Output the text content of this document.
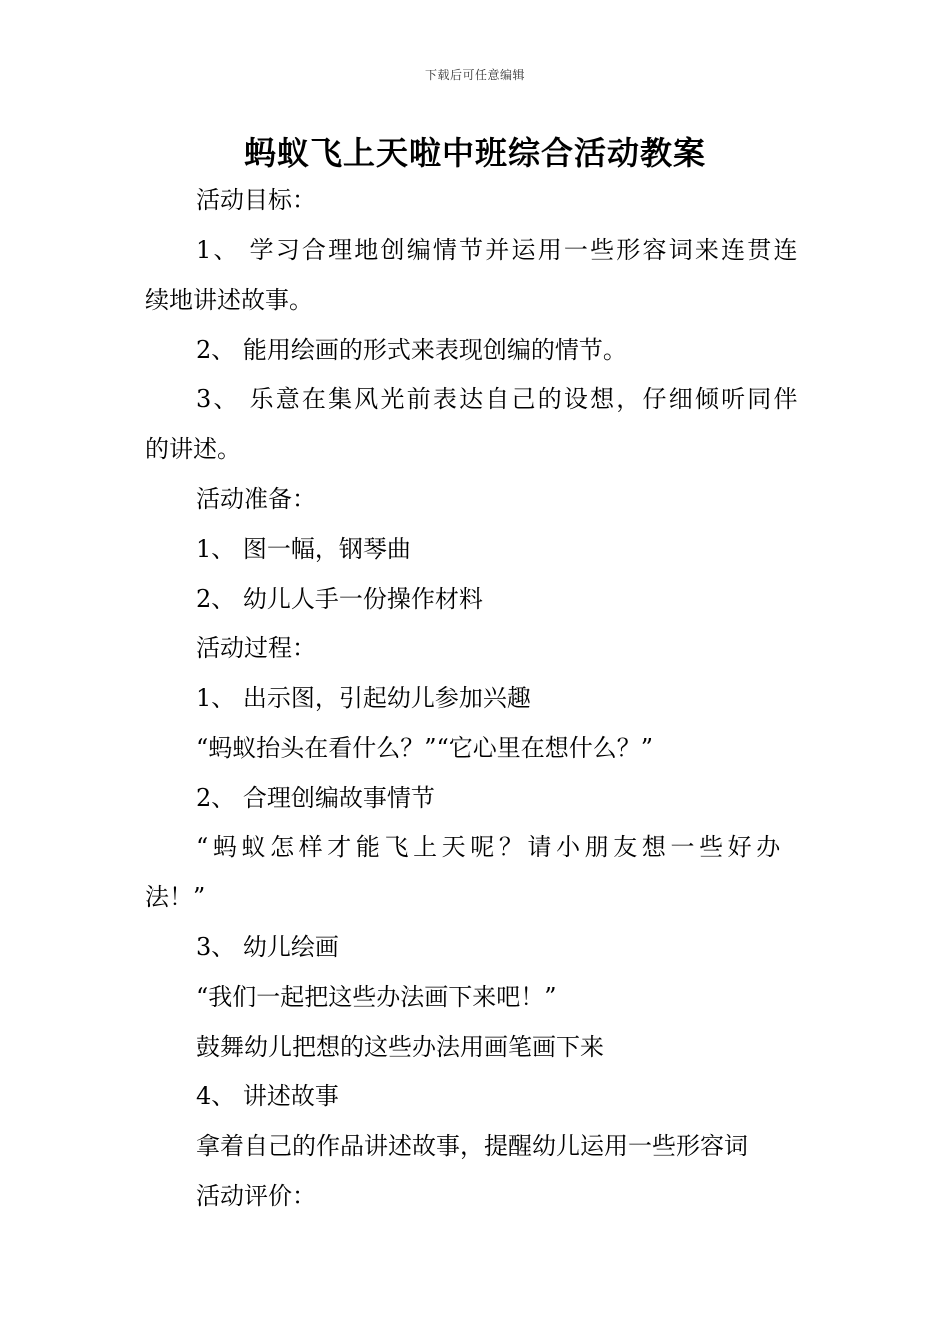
下载后可任意编辑
蚂蚁飞上天啦中班综合活动教案
活动目标：
1、 学习合理地创编情节并运用一些形容词来连贯连
续地讲述故事。
2、 能用绘画的形式来表现创编的情节。
3、 乐意在集风光前表达自己的设想，仔细倾听同伴
的讲述。
活动准备：
1、 图一幅，钢琴曲
2、 幼儿人手一份操作材料
活动过程：
1、 出示图，引起幼儿参加兴趣
“蚂蚁抬头在看什么？”“它心里在想什么？”
2、 合理创编故事情节
“蚂蚁怎样才能飞上天呢？请小朋友想一些好办
法！”
3、 幼儿绘画
“我们一起把这些办法画下来吧！”
鼓舞幼儿把想的这些办法用画笔画下来
4、 讲述故事
拿着自己的作品讲述故事，提醒幼儿运用一些形容词
活动评价：
